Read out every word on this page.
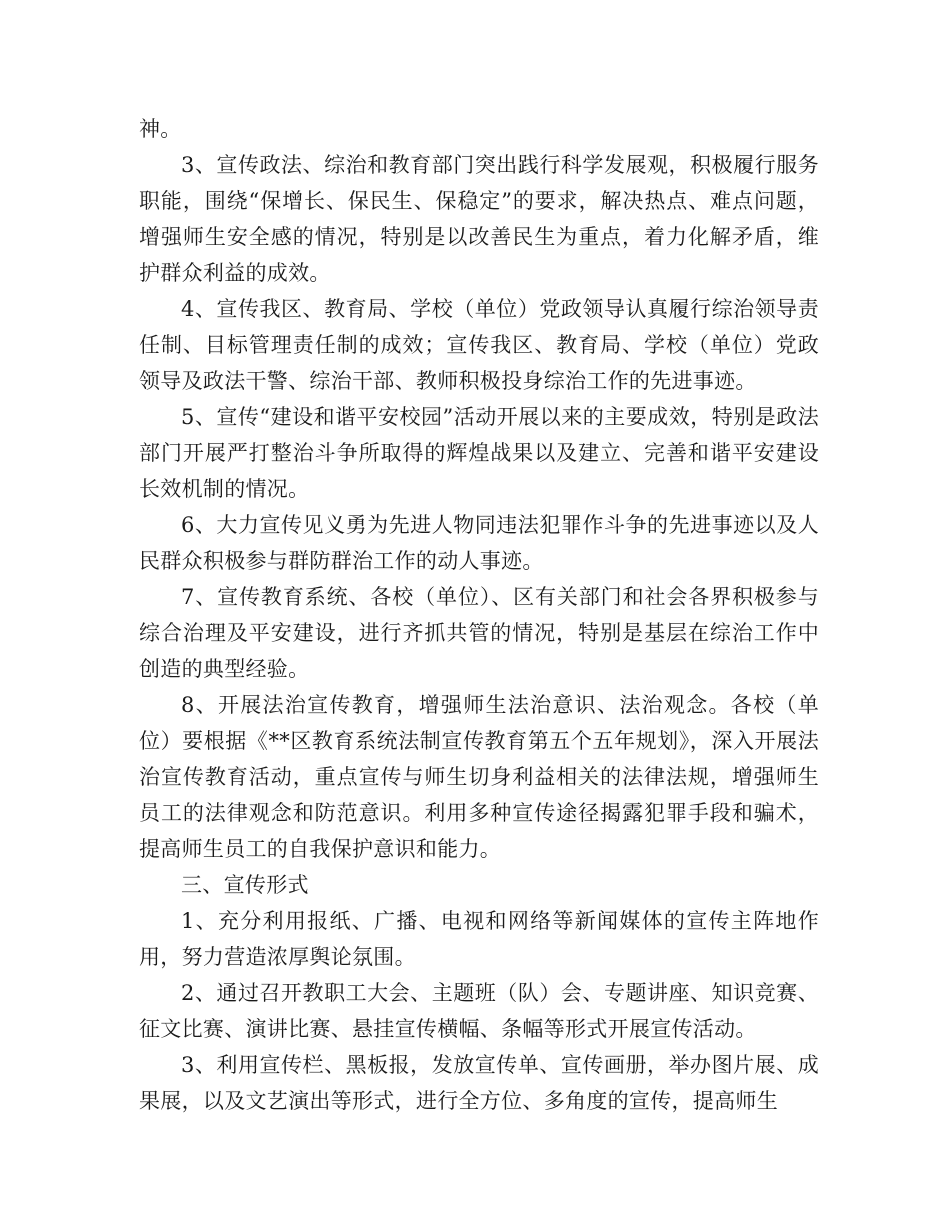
神。

3、宣传政法、综治和教育部门突出践行科学发展观，积极履行服务职能，围绕“保增长、保民生、保稳定”的要求，解决热点、难点问题，增强师生安全感的情况，特别是以改善民生为重点，着力化解矛盾，维护群众利益的成效。

4、宣传我区、教育局、学校（单位）党政领导认真履行综治领导责任制、目标管理责任制的成效；宣传我区、教育局、学校（单位）党政领导及政法干警、综治干部、教师积极投身综治工作的先进事迹。

5、宣传“建设和谐平安校园”活动开展以来的主要成效，特别是政法部门开展严打整治斗争所取得的辉煌战果以及建立、完善和谐平安建设长效机制的情况。

6、大力宣传见义勇为先进人物同违法犯罪作斗争的先进事迹以及人民群众积极参与群防群治工作的动人事迹。

7、宣传教育系统、各校（单位）、区有关部门和社会各界积极参与综合治理及平安建设，进行齐抓共管的情况，特别是基层在综治工作中创造的典型经验。

8、开展法治宣传教育，增强师生法治意识、法治观念。各校（单位）要根据《**区教育系统法制宣传教育第五个五年规划》，深入开展法治宣传教育活动，重点宣传与师生切身利益相关的法律法规，增强师生员工的法律观念和防范意识。利用多种宣传途径揭露犯罪手段和骗术，提高师生员工的自我保护意识和能力。

三、宣传形式

1、充分利用报纸、广播、电视和网络等新闻媒体的宣传主阵地作用，努力营造浓厚舆论氛围。

2、通过召开教职工大会、主题班（队）会、专题讲座、知识竞赛、征文比赛、演讲比赛、悬挂宣传横幅、条幅等形式开展宣传活动。

3、利用宣传栏、黑板报，发放宣传单、宣传画册，举办图片展、成果展，以及文艺演出等形式，进行全方位、多角度的宣传，提高师生
